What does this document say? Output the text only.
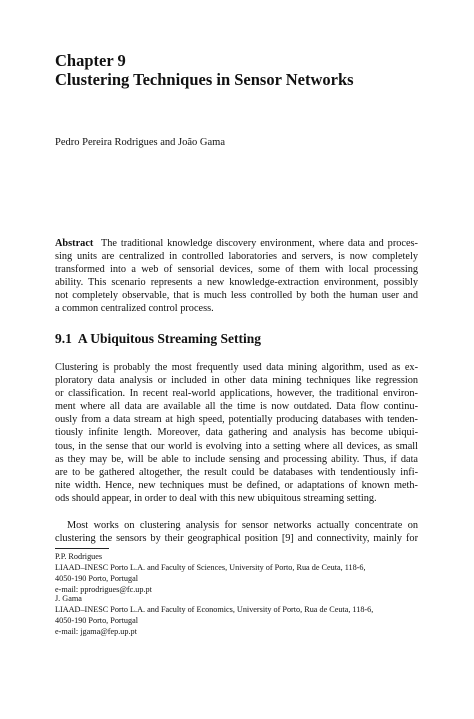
Chapter 9
Clustering Techniques in Sensor Networks
Pedro Pereira Rodrigues and João Gama
Abstract The traditional knowledge discovery environment, where data and proces-
sing units are centralized in controlled laboratories and servers, is now completely
transformed into a web of sensorial devices, some of them with local processing
ability. This scenario represents a new knowledge-extraction environment, possibly
not completely observable, that is much less controlled by both the human user and
a common centralized control process.
9.1 A Ubiquitous Streaming Setting
Clustering is probably the most frequently used data mining algorithm, used as ex-
ploratory data analysis or included in other data mining techniques like regression
or classification. In recent real-world applications, however, the traditional environ-
ment where all data are available all the time is now outdated. Data flow continu-
ously from a data stream at high speed, potentially producing databases with tenden-
tiously infinite length. Moreover, data gathering and analysis has become ubiqui-
tous, in the sense that our world is evolving into a setting where all devices, as small
as they may be, will be able to include sensing and processing ability. Thus, if data
are to be gathered altogether, the result could be databases with tendentiously infi-
nite width. Hence, new techniques must be defined, or adaptations of known meth-
ods should appear, in order to deal with this new ubiquitous streaming setting.
Most works on clustering analysis for sensor networks actually concentrate on
clustering the sensors by their geographical position [9] and connectivity, mainly for
P.P. Rodrigues
LIAAD–INESC Porto L.A. and Faculty of Sciences, University of Porto, Rua de Ceuta, 118-6,
4050-190 Porto, Portugal
e-mail: pprodrigues@fc.up.pt
J. Gama
LIAAD–INESC Porto L.A. and Faculty of Economics, University of Porto, Rua de Ceuta, 118-6,
4050-190 Porto, Portugal
e-mail: jgama@fep.up.pt
